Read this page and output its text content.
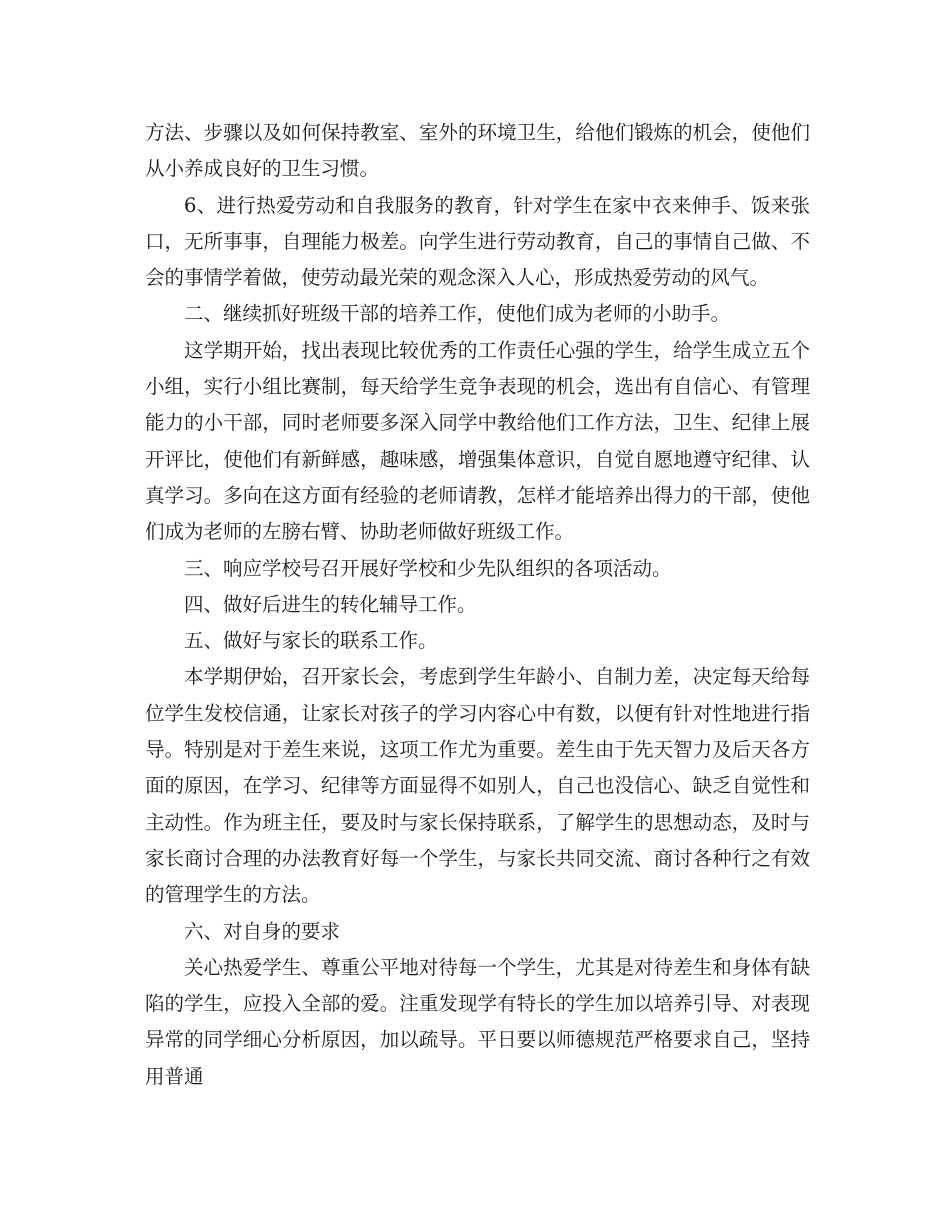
方法、步骤以及如何保持教室、室外的环境卫生，给他们锻炼的机会，使他们从小养成良好的卫生习惯。

6、进行热爱劳动和自我服务的教育，针对学生在家中衣来伸手、饭来张口，无所事事，自理能力极差。向学生进行劳动教育，自己的事情自己做、不会的事情学着做，使劳动最光荣的观念深入人心，形成热爱劳动的风气。

二、继续抓好班级干部的培养工作，使他们成为老师的小助手。

这学期开始，找出表现比较优秀的工作责任心强的学生，给学生成立五个小组，实行小组比赛制，每天给学生竞争表现的机会，选出有自信心、有管理能力的小干部，同时老师要多深入同学中教给他们工作方法，卫生、纪律上展开评比，使他们有新鲜感，趣味感，增强集体意识，自觉自愿地遵守纪律、认真学习。多向在这方面有经验的老师请教，怎样才能培养出得力的干部，使他们成为老师的左膀右臂、协助老师做好班级工作。

三、响应学校号召开展好学校和少先队组织的各项活动。

四、做好后进生的转化辅导工作。

五、做好与家长的联系工作。

本学期伊始，召开家长会，考虑到学生年龄小、自制力差，决定每天给每位学生发校信通，让家长对孩子的学习内容心中有数，以便有针对性地进行指导。特别是对于差生来说，这项工作尤为重要。差生由于先天智力及后天各方面的原因，在学习、纪律等方面显得不如别人，自己也没信心、缺乏自觉性和主动性。作为班主任，要及时与家长保持联系，了解学生的思想动态，及时与家长商讨合理的办法教育好每一个学生，与家长共同交流、商讨各种行之有效的管理学生的方法。

六、对自身的要求

关心热爱学生、尊重公平地对待每一个学生，尤其是对待差生和身体有缺陷的学生，应投入全部的爱。注重发现学有特长的学生加以培养引导、对表现异常的同学细心分析原因，加以疏导。平日要以师德规范严格要求自己，坚持用普通
